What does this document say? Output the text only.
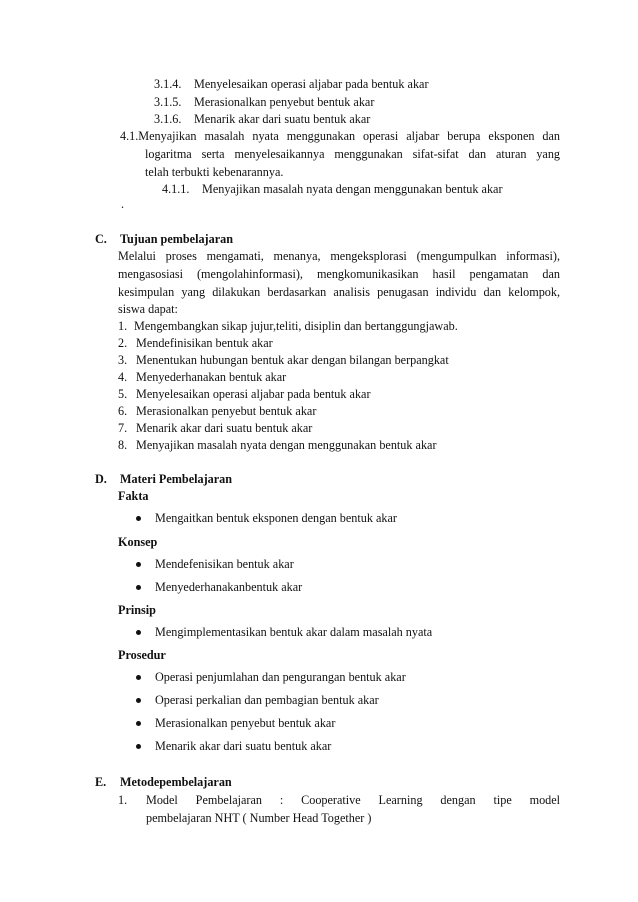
3.1.4. Menyelesaikan operasi aljabar pada bentuk akar
3.1.5. Merasionalkan penyebut bentuk akar
3.1.6. Menarik akar dari suatu bentuk akar
4.1.Menyajikan masalah nyata menggunakan operasi aljabar berupa eksponen dan
logaritma serta menyelesaikannya menggunakan sifat-sifat dan aturan yang
telah terbukti kebenarannya.
4.1.1. Menyajikan masalah nyata dengan menggunakan bentuk akar
.
C. Tujuan pembelajaran
Melalui proses mengamati, menanya, mengeksplorasi (mengumpulkan informasi),
mengasosiasi (mengolahinformasi), mengkomunikasikan hasil pengamatan dan
kesimpulan yang dilakukan berdasarkan analisis penugasan individu dan kelompok,
siswa dapat:
1. Mengembangkan sikap jujur,teliti, disiplin dan bertanggungjawab.
2. Mendefinisikan bentuk akar
3. Menentukan hubungan bentuk akar dengan bilangan berpangkat
4. Menyederhanakan bentuk akar
5. Menyelesaikan operasi aljabar pada bentuk akar
6. Merasionalkan penyebut bentuk akar
7. Menarik akar dari suatu bentuk akar
8. Menyajikan masalah nyata dengan menggunakan bentuk akar
D. Materi Pembelajaran
Fakta
Mengaitkan bentuk eksponen dengan bentuk akar
Konsep
Mendefenisikan bentuk akar
Menyederhanakanbentuk akar
Prinsip
Mengimplementasikan bentuk akar dalam masalah nyata
Prosedur
Operasi penjumlahan dan pengurangan bentuk akar
Operasi perkalian dan pembagian bentuk akar
Merasionalkan penyebut bentuk akar
Menarik akar dari suatu bentuk akar
E. Metodepembelajaran
1. Model Pembelajaran : Cooperative Learning dengan tipe model
pembelajaran NHT ( Number Head Together )
